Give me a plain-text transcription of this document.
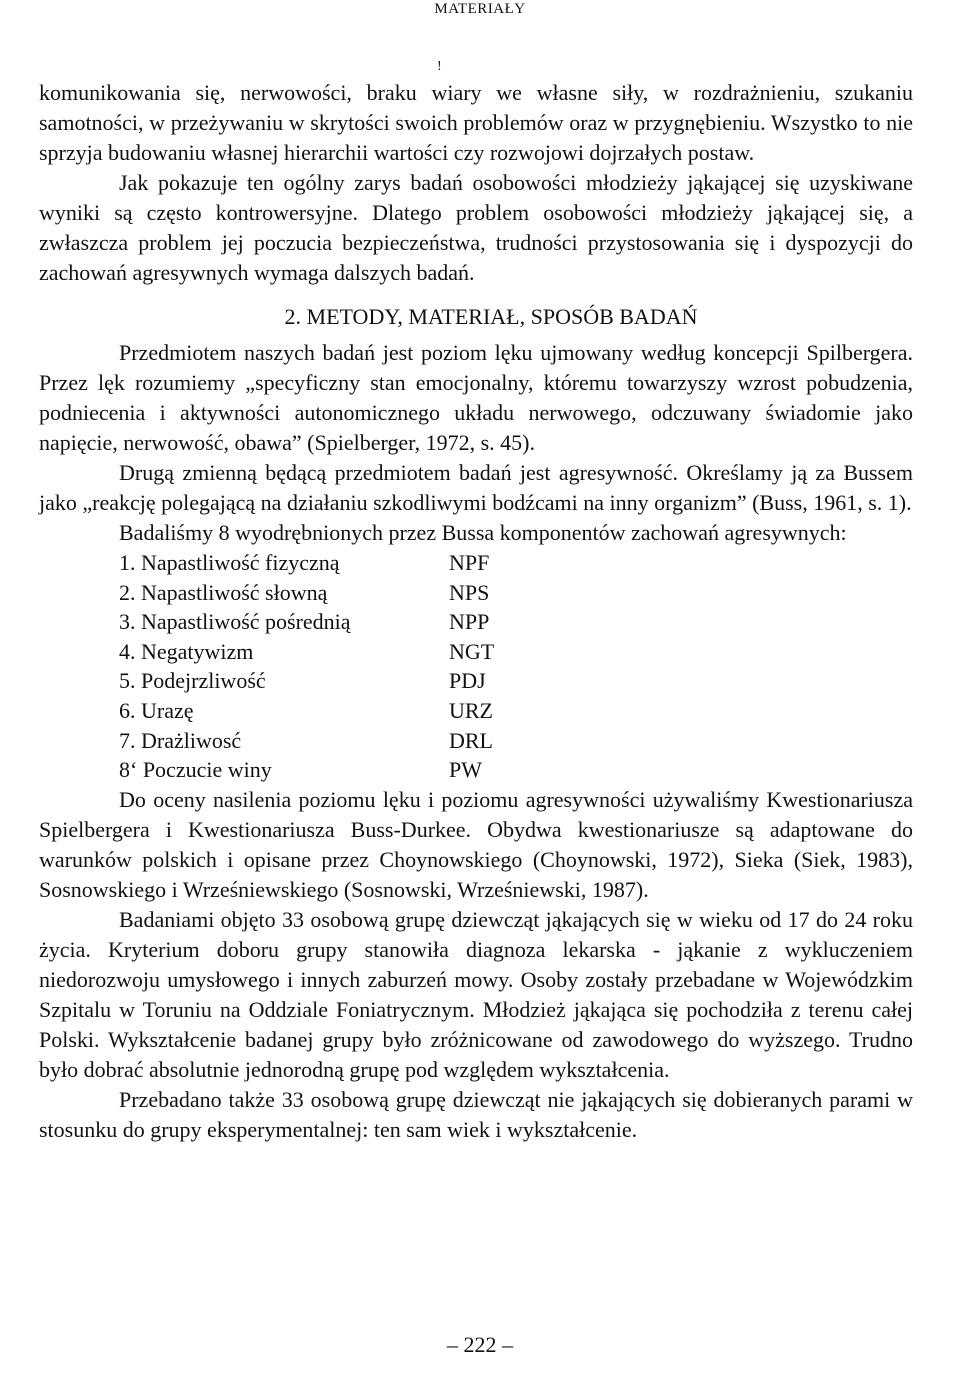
MATERIAŁY
!

komunikowania się, nerwowości, braku wiary we własne siły, w rozdrażnieniu, szukaniu samotności, w przeżywaniu w skrytości swoich problemów oraz w przygnębieniu. Wszystko to nie sprzyja budowaniu własnej hierarchii wartości czy rozwojowi dojrzałych postaw.

Jak pokazuje ten ogólny zarys badań osobowości młodzieży jąkającej się uzyskiwane wyniki są często kontrowersyjne. Dlatego problem osobowości młodzieży jąkającej się, a zwłaszcza problem jej poczucia bezpieczeństwa, trudności przystosowania się i dyspozycji do zachowań agresywnych wymaga dalszych badań.

2. METODY, MATERIAŁ, SPOSÓB BADAŃ

Przedmiotem naszych badań jest poziom lęku ujmowany według koncepcji Spilbergera. Przez lęk rozumiemy „specyficzny stan emocjonalny, któremu towarzyszy wzrost pobudzenia, podniecenia i aktywności autonomicznego układu nerwowego, odczuwany świadomie jako napięcie, nerwowość, obawa” (Spielberger, 1972, s. 45).

Drugą zmienną będącą przedmiotem badań jest agresywność. Określamy ją za Bussem jako „reakcję polegającą na działaniu szkodliwymi bodźcami na inny organizm” (Buss, 1961, s. 1).

Badaliśmy 8 wyodrębnionych przez Bussa komponentów zachowań agresywnych:

1. Napastliwość fizyczną	NPF
2. Napastliwość słowną	NPS
3. Napastliwość pośrednią	NPP
4. Negatywizm	NGT
5. Podejrzliwość	PDJ
6. Urazę	URZ
7. Drażliwosć	DRL
8ʻ Poczucie winy	PW

Do oceny nasilenia poziomu lęku i poziomu agresywności używaliśmy Kwestionariusza Spielbergera i Kwestionariusza Buss-Durkee. Obydwa kwestionariusze są adaptowane do warunków polskich i opisane przez Choynowskiego (Choynowski, 1972), Sieka (Siek, 1983), Sosnowskiego i Wrześniewskiego (Sosnowski, Wrześniewski, 1987).

Badaniami objęto 33 osobową grupę dziewcząt jąkających się w wieku od 17 do 24 roku życia. Kryterium doboru grupy stanowiła diagnoza lekarska - jąkanie z wykluczeniem niedorozwoju umysłowego i innych zaburzeń mowy. Osoby zostały przebadane w Wojewódzkim Szpitalu w Toruniu na Oddziale Foniatrycznym. Młodzież jąkająca się pochodziła z terenu całej Polski. Wykształcenie badanej grupy było zróżnicowane od zawodowego do wyższego. Trudno było dobrać absolutnie jednorodną grupę pod względem wykształcenia.

Przebadano także 33 osobową grupę dziewcząt nie jąkających się dobieranych parami w stosunku do grupy eksperymentalnej: ten sam wiek i wykształcenie.

– 222 –
